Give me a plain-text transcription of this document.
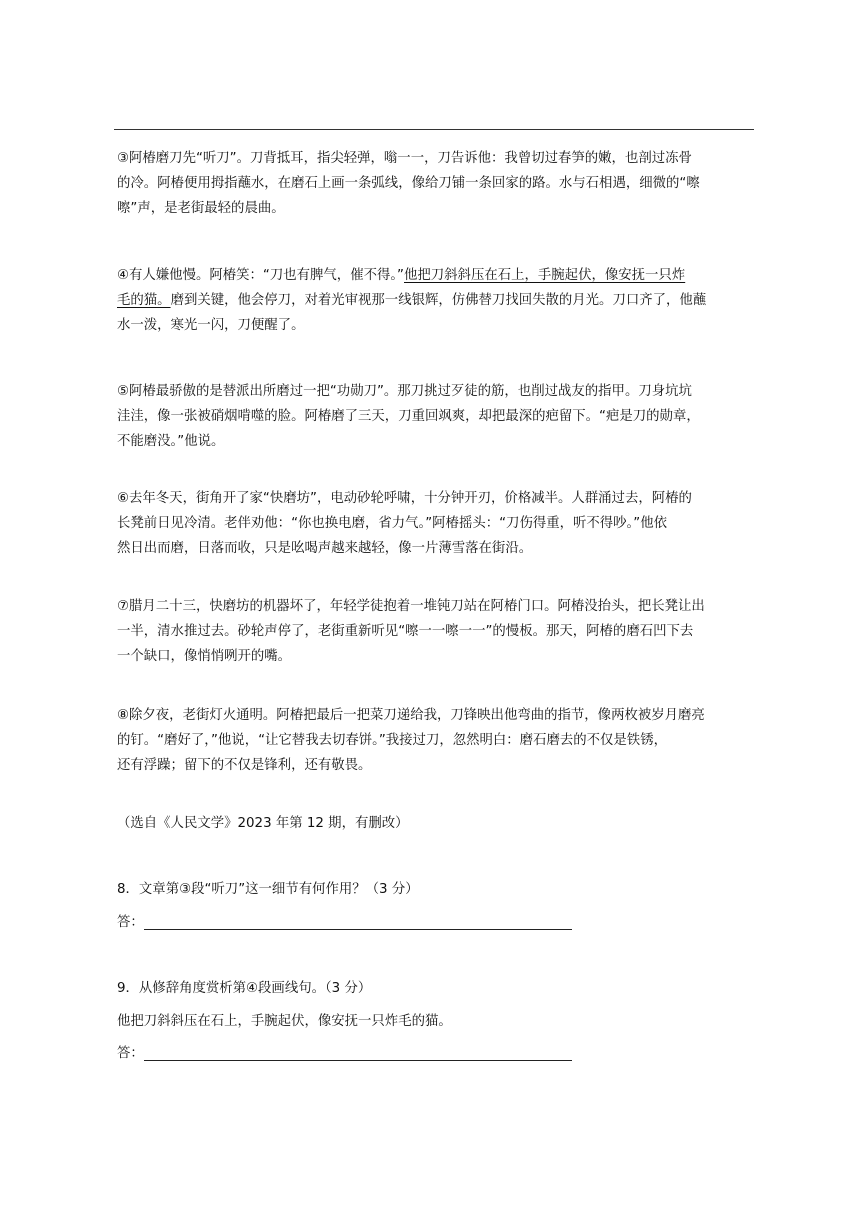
③阿椿磨刀先“听刀”。刀背抵耳，指尖轻弹，嗡一一，刀告诉他：我曾切过春笋的嫩，也剖过冻骨
的冷。阿椿便用拇指蘸水，在磨石上画一条弧线，像给刀铺一条回家的路。水与石相遇，细微的“嚓
嚓”声，是老街最轻的晨曲。
④有人嫌他慢。阿椿笑：“刀也有脾气，催不得。”他把刀斜斜压在石上，手腕起伏，像安抚一只炸
毛的猫。磨到关键，他会停刀，对着光审视那一线银辉，仿佛替刀找回失散的月光。刀口齐了，他蘸
水一泼，寒光一闪，刀便醒了。
⑤阿椿最骄傲的是替派出所磨过一把“功勋刀”。那刀挑过歹徒的筋，也削过战友的指甲。刀身坑坑
洼洼，像一张被硝烟啃噬的脸。阿椿磨了三天，刀重回飒爽，却把最深的疤留下。“疤是刀的勋章，
不能磨没。”他说。
⑥去年冬天，街角开了家“快磨坊”，电动砂轮呼啸，十分钟开刃，价格减半。人群涌过去，阿椿的
长凳前日见冷清。老伴劝他：“你也换电磨，省力气。”阿椿摇头：“刀伤得重，听不得吵。”他依
然日出而磨，日落而收，只是吆喝声越来越轻，像一片薄雪落在街沿。
⑦腊月二十三，快磨坊的机器坏了，年轻学徒抱着一堆钝刀站在阿椿门口。阿椿没抬头，把长凳让出
一半，清水推过去。砂轮声停了，老街重新听见“嚓一一嚓一一”的慢板。那天，阿椿的磨石凹下去
一个缺口，像悄悄咧开的嘴。
⑧除夕夜，老街灯火通明。阿椿把最后一把菜刀递给我，刀锋映出他弯曲的指节，像两枚被岁月磨亮
的钉。“磨好了，”他说，“让它替我去切春饼。”我接过刀，忽然明白：磨石磨去的不仅是铁锈，
还有浮躁；留下的不仅是锋利，还有敬畏。
（选自《人民文学》2023 年第 12 期，有删改）
8．文章第③段“听刀”这一细节有何作用？（3 分）
答：
9．从修辞角度赏析第④段画线句。（3 分）
他把刀斜斜压在石上，手腕起伏，像安抚一只炸毛的猫。
答：
